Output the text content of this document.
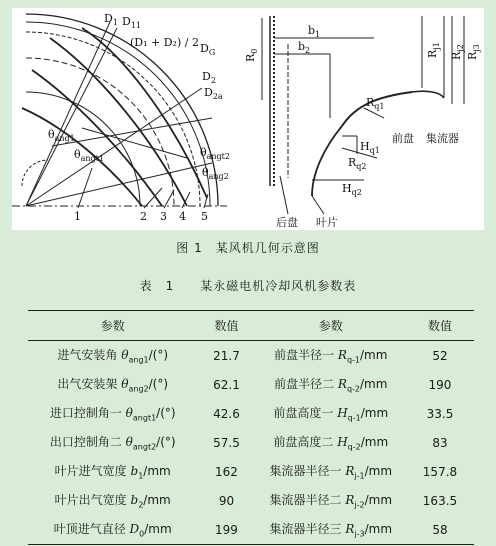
$D_1$ $D_{11}$
(D₁ + D₂) / 2 $D_G$
$D_2$
$D_{2a}$
$\theta_{ang1}$
$\theta_{angt1}$	$\theta_{angt2}$
$\theta_{ang2}$
1	2 3 4 5
$b_1$
$b_2$
$R_0$	$R_{j1}$
$R_{j2}$
$R_{j3}$
$R_{q1}$
$R_{q2}$
$H_{q1}$
$H_{q2}$
前盘 集流器
后盘 叶片
图 1　某风机几何示意图
表　1　　某永磁电机冷却风机参数表
参数	数值	参数	数值
进气安装角 $\theta_{ang1}/(^\circ)$	21.7	前盘半径一 $R_{q-1}/mm$	52
出气安装架 $\theta_{ang2}/(^\circ)$	62.1	前盘半径二 $R_{q-2}/mm$	190
进口控制角一 $\theta_{angt1}/(^\circ)$	42.6	前盘高度一 $H_{q-1}/mm$	33.5
出口控制角二 $\theta_{angt2}/(^\circ)$	57.5	前盘高度二 $H_{q-2}/mm$	83
叶片进气宽度 $b_1/mm$	162	集流器半径一 $R_{j-1}/mm$	157.8
叶片出气宽度 $b_2/mm$	90	集流器半径二 $R_{j-2}/mm$	163.5
叶顶进气直径 $D_0/mm$	199	集流器半径三 $R_{j-3}/mm$	58
